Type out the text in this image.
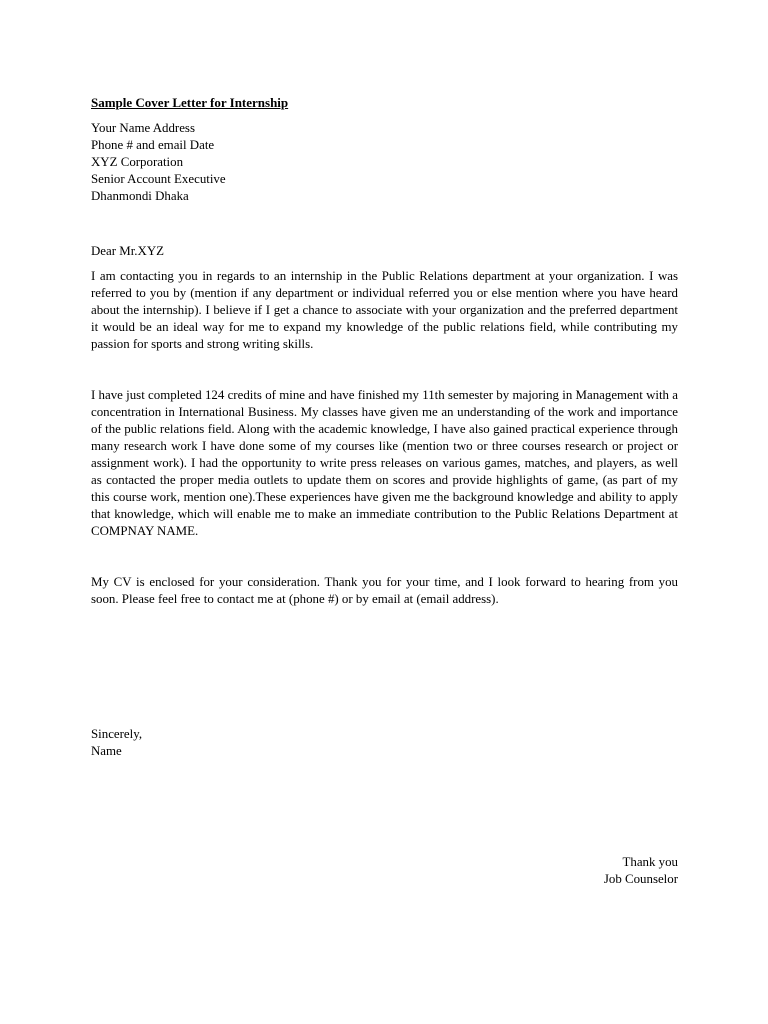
Sample Cover Letter for Internship
Your Name Address
Phone # and email Date
XYZ Corporation
Senior Account Executive
Dhanmondi Dhaka
Dear Mr.XYZ

I am contacting you in regards to an internship in the Public Relations department at your organization. I was referred to you by (mention if any department or individual referred you or else mention where you have heard about the internship). I believe if I get a chance to associate with your organization and the preferred department it would be an ideal way for me to expand my knowledge of the public relations field, while contributing my passion for sports and strong writing skills.

I have just completed 124 credits of mine and have finished my 11th semester by majoring in Management with a concentration in International Business. My classes have given me an understanding of the work and importance of the public relations field. Along with the academic knowledge, I have also gained practical experience through many research work I have done some of my courses like (mention two or three courses research or project or assignment work). I had the opportunity to write press releases on various games, matches, and players, as well as contacted the proper media outlets to update them on scores and provide highlights of game, (as part of my this course work, mention one).These experiences have given me the background knowledge and ability to apply that knowledge, which will enable me to make an immediate contribution to the Public Relations Department at COMPNAY NAME.

My CV is enclosed for your consideration. Thank you for your time, and I look forward to hearing from you soon. Please feel free to contact me at (phone #) or by email at (email address).

Sincerely,
Name
Thank you
Job Counselor
